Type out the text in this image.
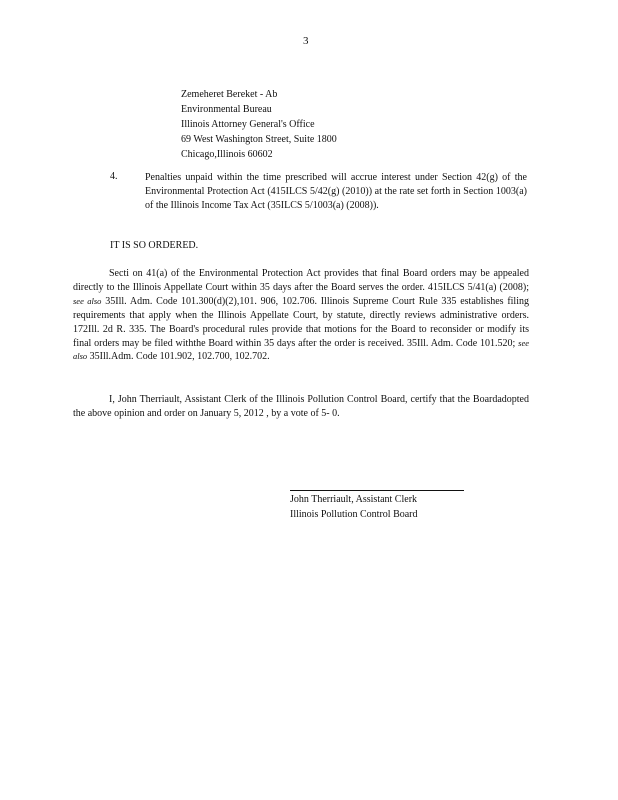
3
Zemeheret Bereket - Ab
Environmental Bureau
Illinois Attorney General's Office
69 West Washington Street, Suite 1800
Chicago,Illinois 60602
4.	Penalties unpaid within the time prescribed will accrue interest under Section 42(g) of the Environmental Protection Act (415ILCS 5/42(g) (2010)) at the rate set forth in Section 1003(a) of the Illinois Income Tax Act (35ILCS 5/1003(a) (2008)).
IT IS SO ORDERED.
Secti on 41(a) of the Environmental Protection Act provides that final Board orders may be appealed directly to the Illinois Appellate Court within 35 days after the Board serves the order. 415ILCS 5/41(a) (2008); see also 35Ill. Adm. Code 101.300(d)(2),101. 906, 102.706. Illinois Supreme Court Rule 335 establishes filing requirements that apply when the Illinois Appellate Court, by statute, directly reviews administrative orders. 172Ill. 2d R. 335. The Board's procedural rules provide that motions for the Board to reconsider or modify its final orders may be filed withthe Board within 35 days after the order is received. 35Ill. Adm. Code 101.520; see also 35Ill.Adm. Code 101.902, 102.700, 102.702.
I, John Therriault, Assistant Clerk of the Illinois Pollution Control Board, certify that the Boardadopted the above opinion and order on January 5, 2012 , by a vote of 5- 0.
John Therriault, Assistant Clerk
Illinois Pollution Control Board
